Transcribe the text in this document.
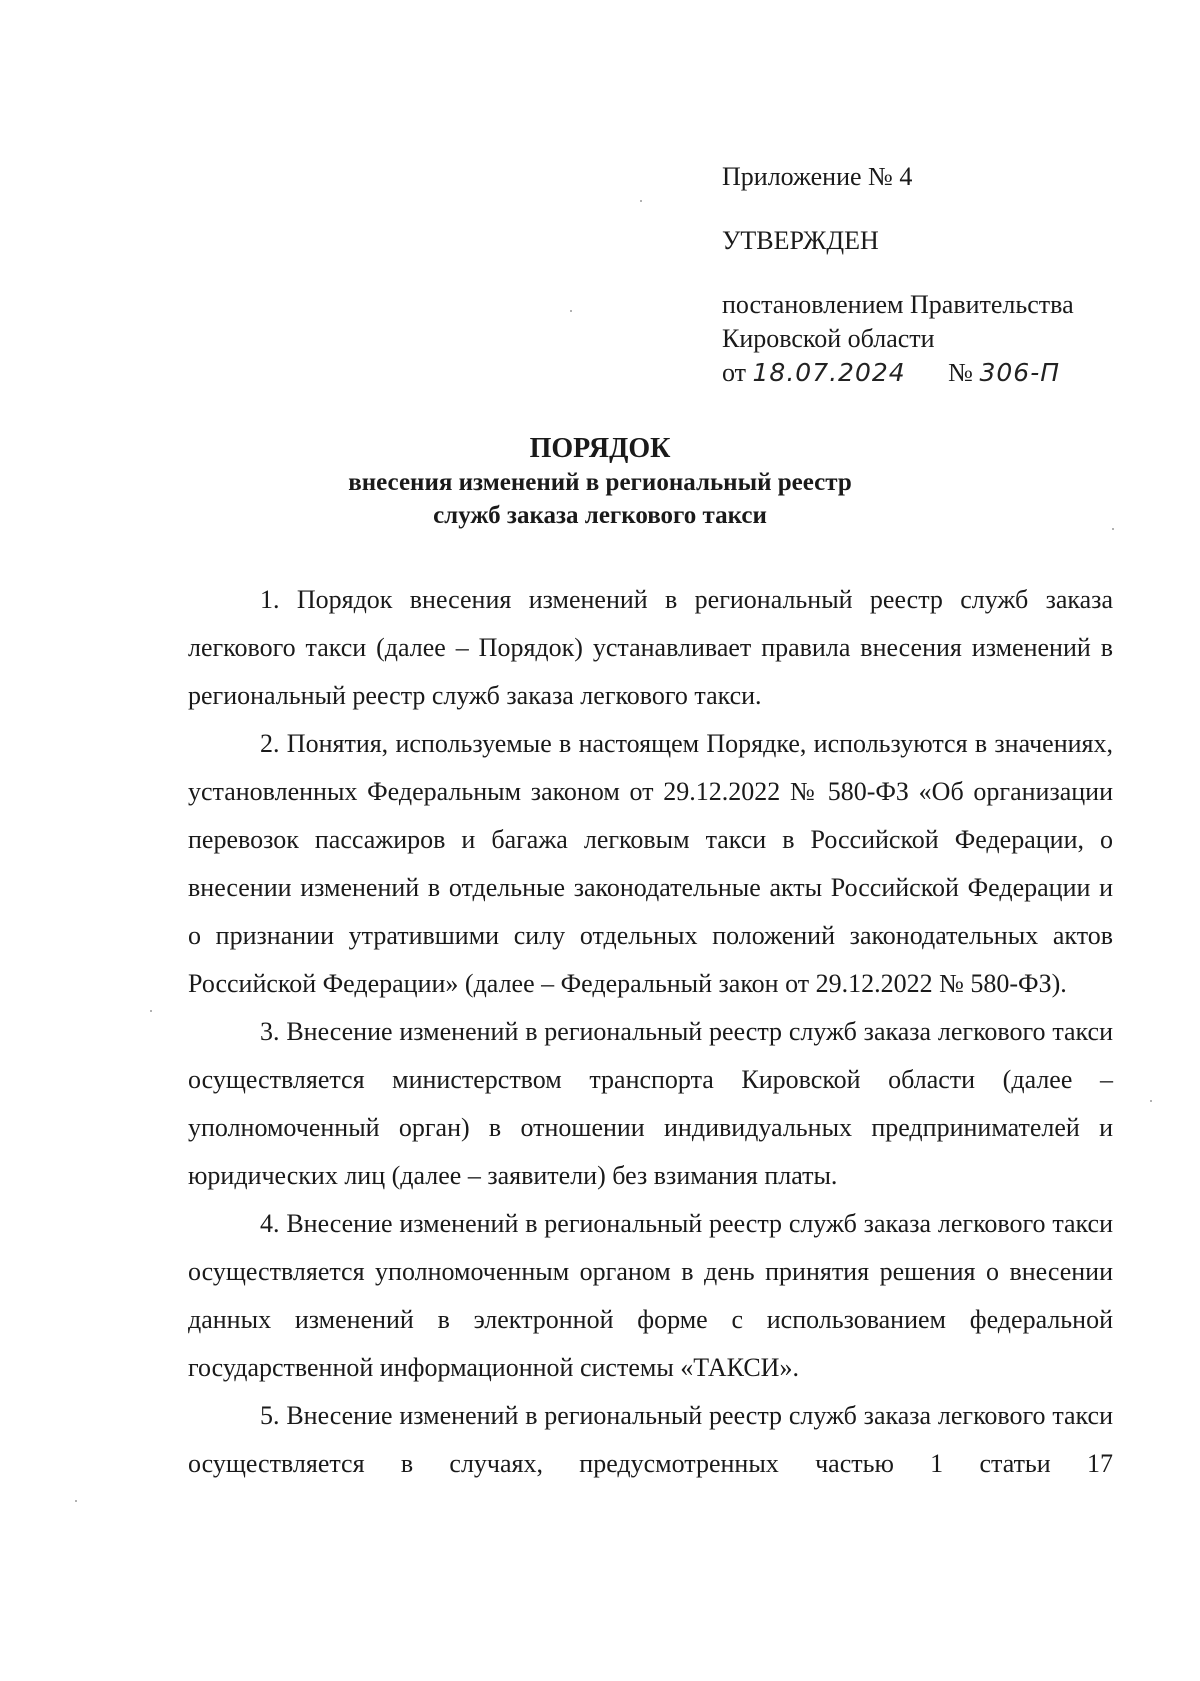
Приложение № 4
УТВЕРЖДЕН
постановлением Правительства
Кировской области
от 18.07.2024 № 306-П
ПОРЯДОК
внесения изменений в региональный реестр
служб заказа легкового такси

1. Порядок внесения изменений в региональный реестр служб заказа легкового такси (далее – Порядок) устанавливает правила внесения изменений в региональный реестр служб заказа легкового такси.

2. Понятия, используемые в настоящем Порядке, используются в значениях, установленных Федеральным законом от 29.12.2022 № 580-ФЗ «Об организации перевозок пассажиров и багажа легковым такси в Российской Федерации, о внесении изменений в отдельные законодательные акты Российской Федерации и о признании утратившими силу отдельных положений законодательных актов Российской Федерации» (далее – Федеральный закон от 29.12.2022 № 580-ФЗ).

3. Внесение изменений в региональный реестр служб заказа легкового такси осуществляется министерством транспорта Кировской области (далее – уполномоченный орган) в отношении индивидуальных предпринимателей и юридических лиц (далее – заявители) без взимания платы.

4. Внесение изменений в региональный реестр служб заказа легкового такси осуществляется уполномоченным органом в день принятия решения о внесении данных изменений в электронной форме с использованием федеральной государственной информационной системы «ТАКСИ».

5. Внесение изменений в региональный реестр служб заказа легкового такси осуществляется в случаях, предусмотренных частью 1 статьи 17
